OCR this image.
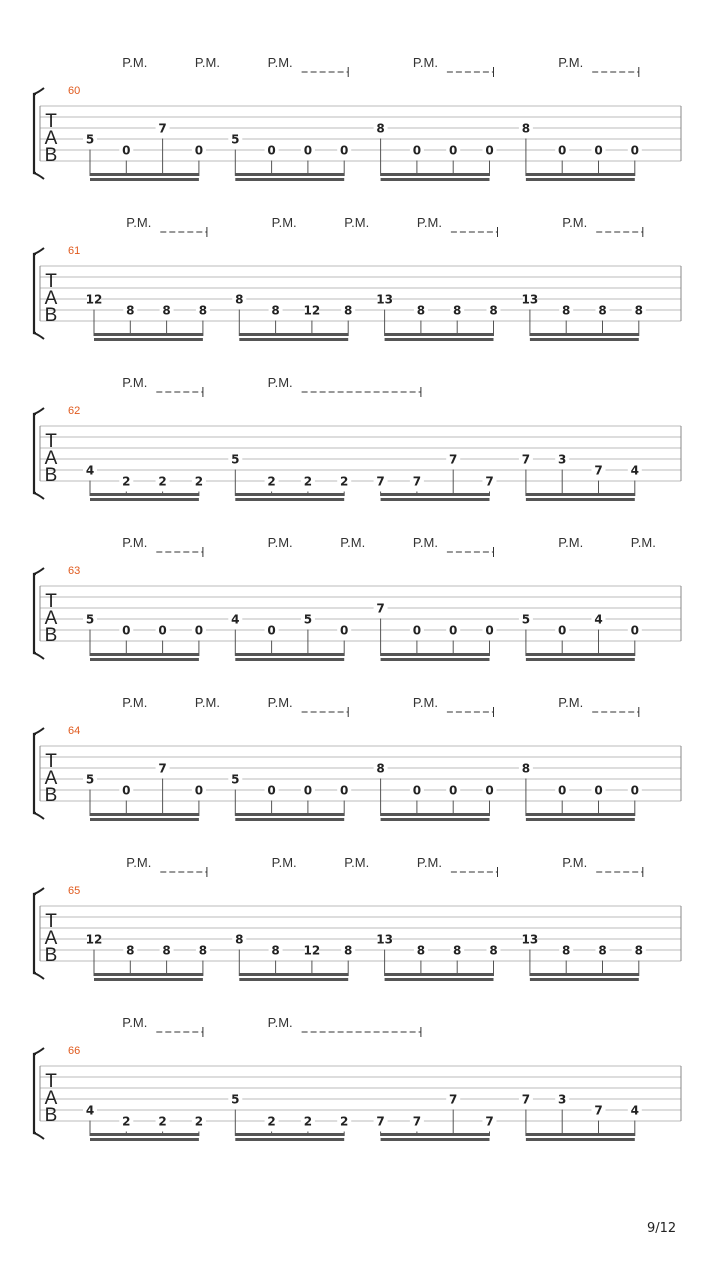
T
A
B
60
P.M.	P.M.	P.M.	P.M.	P.M.
5
0
7
0
5
0 0 0
8
0 0 0
8
0 0 0
T
A
B
61
P.M.	P.M.	P.M.	P.M.	P.M.
12
8 8 8
8
8 12 8
13
8 8 8
13
8 8 8
T
A
B
62
P.M.	P.M.
4
2 2 2
5
2 2 2 7 7
7
7
7 3
7 4
T
A
B
63
P.M.	P.M.	P.M.	P.M.	P.M.	P.M.
5
0 0 0
4
0
5
0
7
0 0 0
5
0
4
0
T
A
B
64
P.M.	P.M.	P.M.	P.M.	P.M.
5
0
7
0
5
0 0 0
8
0 0 0
8
0 0 0
T
A
B
65
P.M.	P.M.	P.M.	P.M.	P.M.
12
8 8 8
8
8 12 8
13
8 8 8
13
8 8 8
T
A
B
66
P.M.	P.M.
4
2 2 2
5
2 2 2 7 7
7
7
7 3
7 4
9/12
